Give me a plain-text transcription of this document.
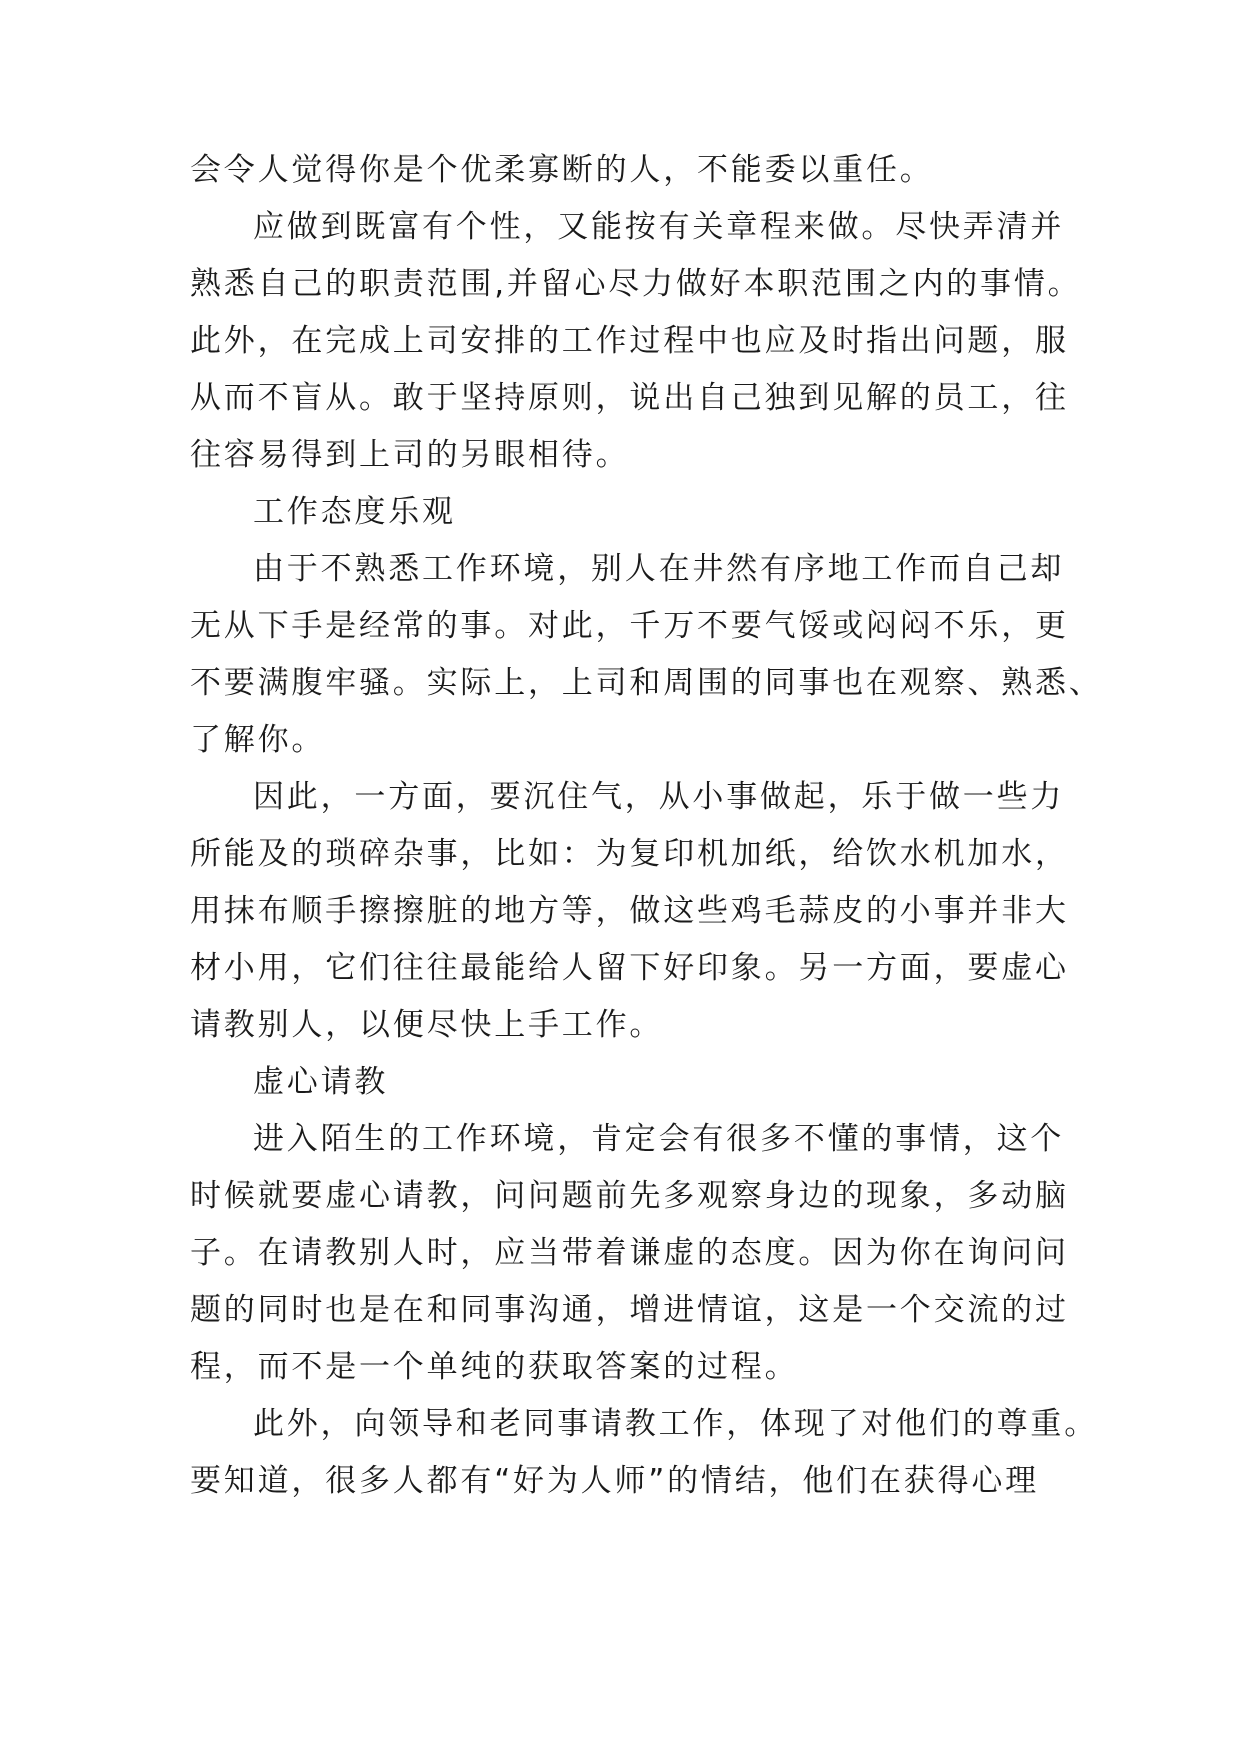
会令人觉得你是个优柔寡断的人，不能委以重任。

应做到既富有个性，又能按有关章程来做。尽快弄清并

熟悉自己的职责范围,并留心尽力做好本职范围之内的事情。

此外，在完成上司安排的工作过程中也应及时指出问题，服

从而不盲从。敢于坚持原则，说出自己独到见解的员工，往

往容易得到上司的另眼相待。

工作态度乐观

由于不熟悉工作环境，别人在井然有序地工作而自己却

无从下手是经常的事。对此，千万不要气馁或闷闷不乐，更

不要满腹牢骚。实际上，上司和周围的同事也在观察、熟悉、

了解你。

因此，一方面，要沉住气，从小事做起，乐于做一些力

所能及的琐碎杂事，比如：为复印机加纸，给饮水机加水，

用抹布顺手擦擦脏的地方等，做这些鸡毛蒜皮的小事并非大

材小用，它们往往最能给人留下好印象。另一方面，要虚心

请教别人，以便尽快上手工作。

虚心请教

进入陌生的工作环境，肯定会有很多不懂的事情，这个

时候就要虚心请教，问问题前先多观察身边的现象，多动脑

子。在请教别人时，应当带着谦虚的态度。因为你在询问问

题的同时也是在和同事沟通，增进情谊，这是一个交流的过

程，而不是一个单纯的获取答案的过程。

此外，向领导和老同事请教工作，体现了对他们的尊重。

要知道，很多人都有“好为人师”的情结，他们在获得心理
